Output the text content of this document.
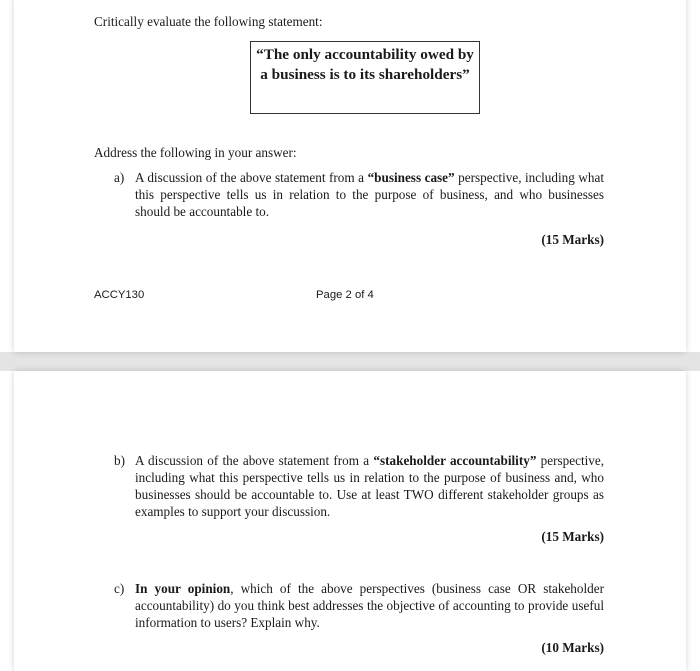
Critically evaluate the following statement:
“The only accountability owed by a business is to its shareholders”
Address the following in your answer:
a) A discussion of the above statement from a “business case” perspective, including what this perspective tells us in relation to the purpose of business, and who businesses should be accountable to.
(15 Marks)
ACCY130	Page 2 of 4
b) A discussion of the above statement from a “stakeholder accountability” perspective, including what this perspective tells us in relation to the purpose of business and, who businesses should be accountable to. Use at least TWO different stakeholder groups as examples to support your discussion.
(15 Marks)
c) In your opinion, which of the above perspectives (business case OR stakeholder accountability) do you think best addresses the objective of accounting to provide useful information to users? Explain why.
(10 Marks)
